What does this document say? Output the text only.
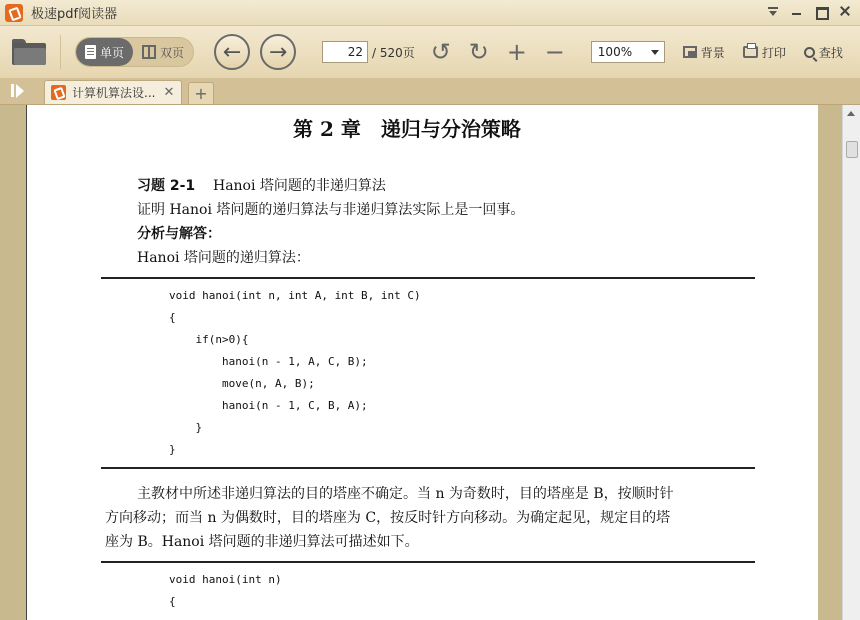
极速pdf阅读器
单页	双页 ← →	22 / 520页 ↺ ↻ + −	100%	背景	打印	查找
计算机算法设... ✕ +
第 2 章　递归与分治策略
习题 2-1 Hanoi 塔问题的非递归算法
证明 Hanoi 塔问题的递归算法与非递归算法实际上是一回事。
分析与解答：
Hanoi 塔问题的递归算法：
void hanoi(int n, int A, int B, int C)
{
if(n>0){
hanoi(n - 1, A, C, B);
move(n, A, B);
hanoi(n - 1, C, B, A);
}
}
主教材中所述非递归算法的目的塔座不确定。当 n 为奇数时，目的塔座是 B，按顺时针
方向移动；而当 n 为偶数时，目的塔座为 C，按反时针方向移动。为确定起见，规定目的塔
座为 B。Hanoi 塔问题的非递归算法可描述如下。
void hanoi(int n)
{
